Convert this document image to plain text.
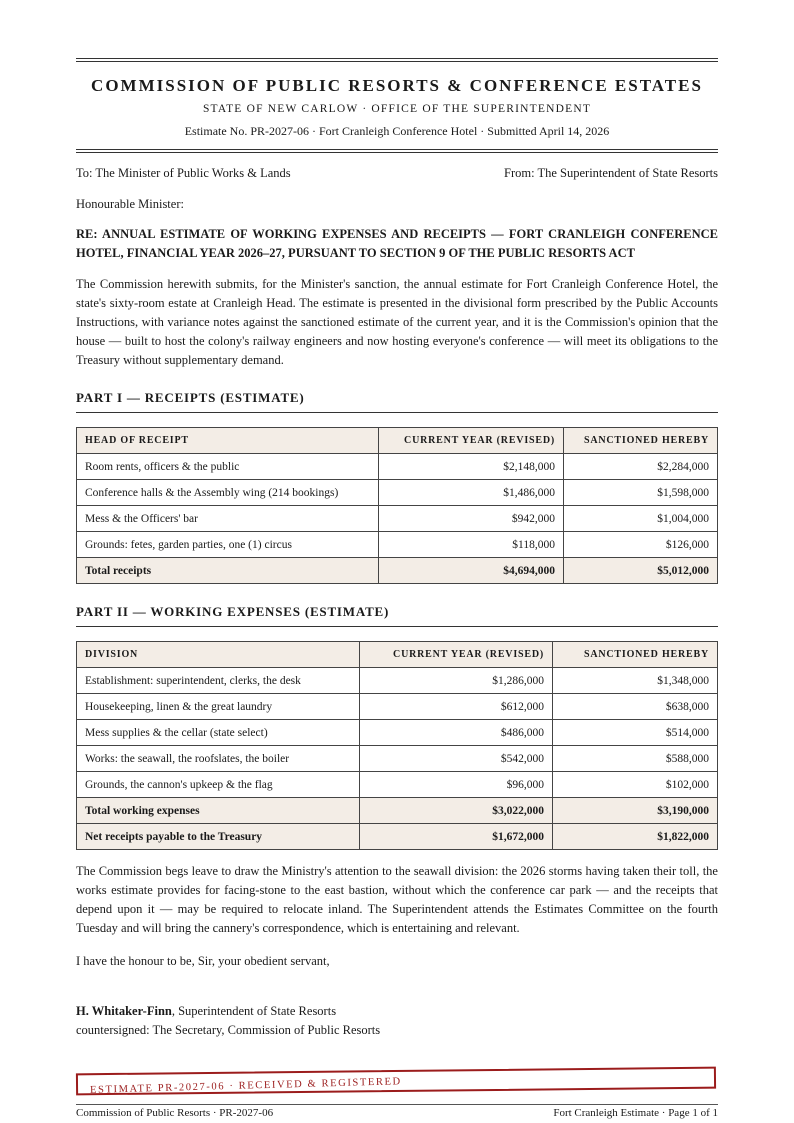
COMMISSION OF PUBLIC RESORTS & CONFERENCE ESTATES
STATE OF NEW CARLOW · OFFICE OF THE SUPERINTENDENT
Estimate No. PR-2027-06 · Fort Cranleigh Conference Hotel · Submitted April 14, 2026
To: The Minister of Public Works & Lands	From: The Superintendent of State Resorts
Honourable Minister:
RE: ANNUAL ESTIMATE OF WORKING EXPENSES AND RECEIPTS — FORT CRANLEIGH CONFERENCE HOTEL, FINANCIAL YEAR 2026–27, PURSUANT TO SECTION 9 OF THE PUBLIC RESORTS ACT
The Commission herewith submits, for the Minister's sanction, the annual estimate for Fort Cranleigh Conference Hotel, the state's sixty-room estate at Cranleigh Head. The estimate is presented in the divisional form prescribed by the Public Accounts Instructions, with variance notes against the sanctioned estimate of the current year, and it is the Commission's opinion that the house — built to host the colony's railway engineers and now hosting everyone's conference — will meet its obligations to the Treasury without supplementary demand.
PART I — RECEIPTS (ESTIMATE)
HEAD OF RECEIPT	CURRENT YEAR (REVISED)	SANCTIONED HEREBY
Room rents, officers & the public	$2,148,000	$2,284,000
Conference halls & the Assembly wing (214 bookings)	$1,486,000	$1,598,000
Mess & the Officers' bar	$942,000	$1,004,000
Grounds: fetes, garden parties, one (1) circus	$118,000	$126,000
Total receipts	$4,694,000	$5,012,000
PART II — WORKING EXPENSES (ESTIMATE)
DIVISION	CURRENT YEAR (REVISED)	SANCTIONED HEREBY
Establishment: superintendent, clerks, the desk	$1,286,000	$1,348,000
Housekeeping, linen & the great laundry	$612,000	$638,000
Mess supplies & the cellar (state select)	$486,000	$514,000
Works: the seawall, the roofslates, the boiler	$542,000	$588,000
Grounds, the cannon's upkeep & the flag	$96,000	$102,000
Total working expenses	$3,022,000	$3,190,000
Net receipts payable to the Treasury	$1,672,000	$1,822,000
The Commission begs leave to draw the Ministry's attention to the seawall division: the 2026 storms having taken their toll, the works estimate provides for facing-stone to the east bastion, without which the conference car park — and the receipts that depend upon it — may be required to relocate inland. The Superintendent attends the Estimates Committee on the fourth Tuesday and will bring the cannery's correspondence, which is entertaining and relevant.
I have the honour to be, Sir, your obedient servant,
H. Whitaker-Finn, Superintendent of State Resorts
countersigned: The Secretary, Commission of Public Resorts
ESTIMATE PR-2027-06 · RECEIVED & REGISTERED
Commission of Public Resorts · PR-2027-06	Fort Cranleigh Estimate · Page 1 of 1
